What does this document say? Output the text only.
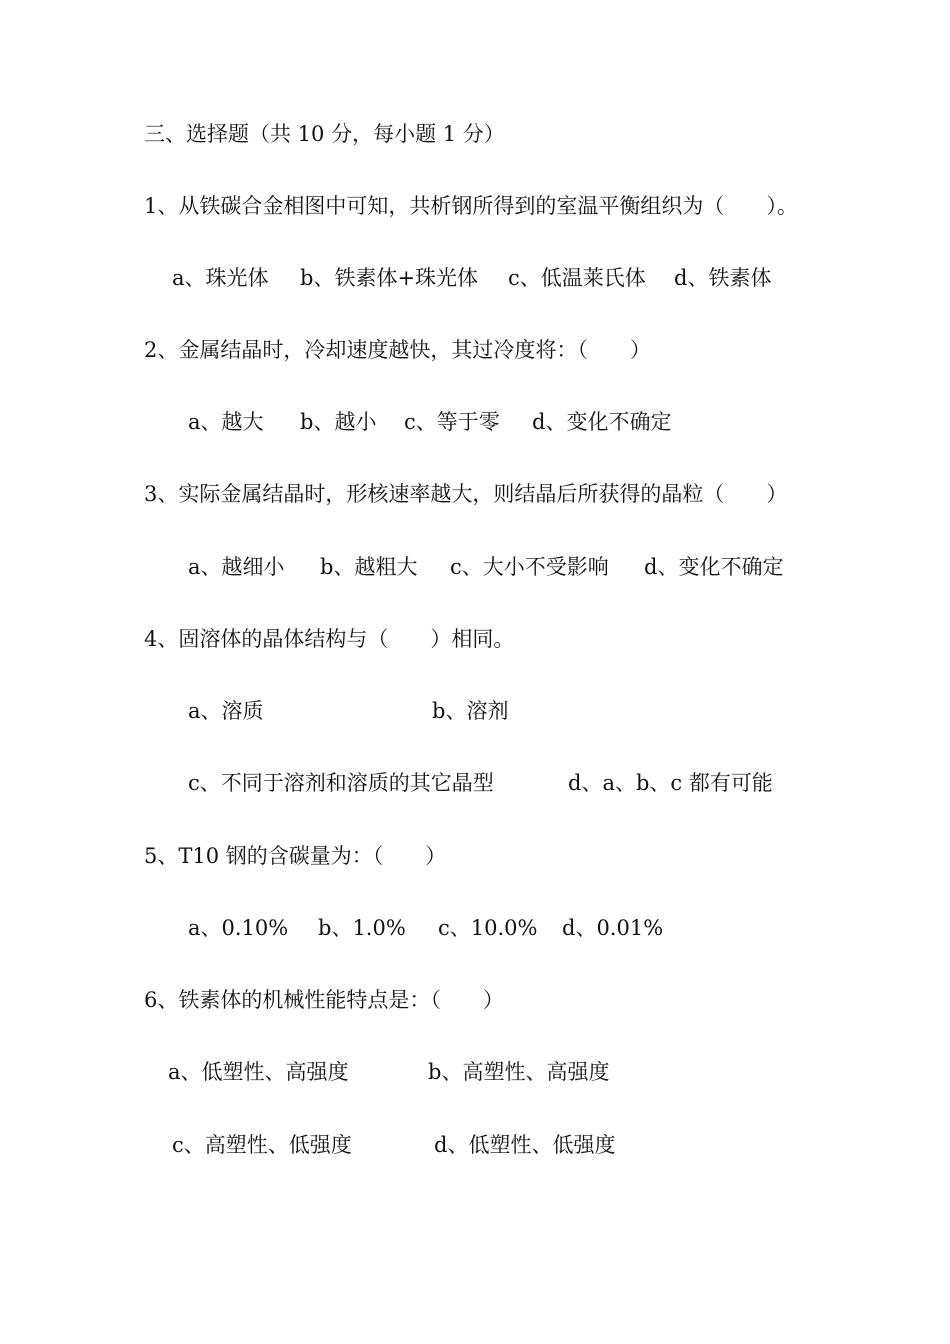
三、选择题（共 10 分，每小题 1 分）
1、从铁碳合金相图中可知，共析钢所得到的室温平衡组织为（　　）。
a、珠光体 b、铁素体+珠光体 c、低温莱氏体 d、铁素体
2、金属结晶时，冷却速度越快，其过冷度将：（　　）
a、越大 b、越小 c、等于零 d、变化不确定
3、实际金属结晶时，形核速率越大，则结晶后所获得的晶粒（　　）
a、越细小 b、越粗大 c、大小不受影响 d、变化不确定
4、固溶体的晶体结构与（　　）相同。
a、溶质	b、溶剂
c、不同于溶剂和溶质的其它晶型	d、a、b、c 都有可能
5、T10 钢的含碳量为：（　　）
a、0.10% b、1.0% c、10.0% d、0.01%
6、铁素体的机械性能特点是：（　　）
a、低塑性、高强度	b、高塑性、高强度
c、高塑性、低强度	d、低塑性、低强度
